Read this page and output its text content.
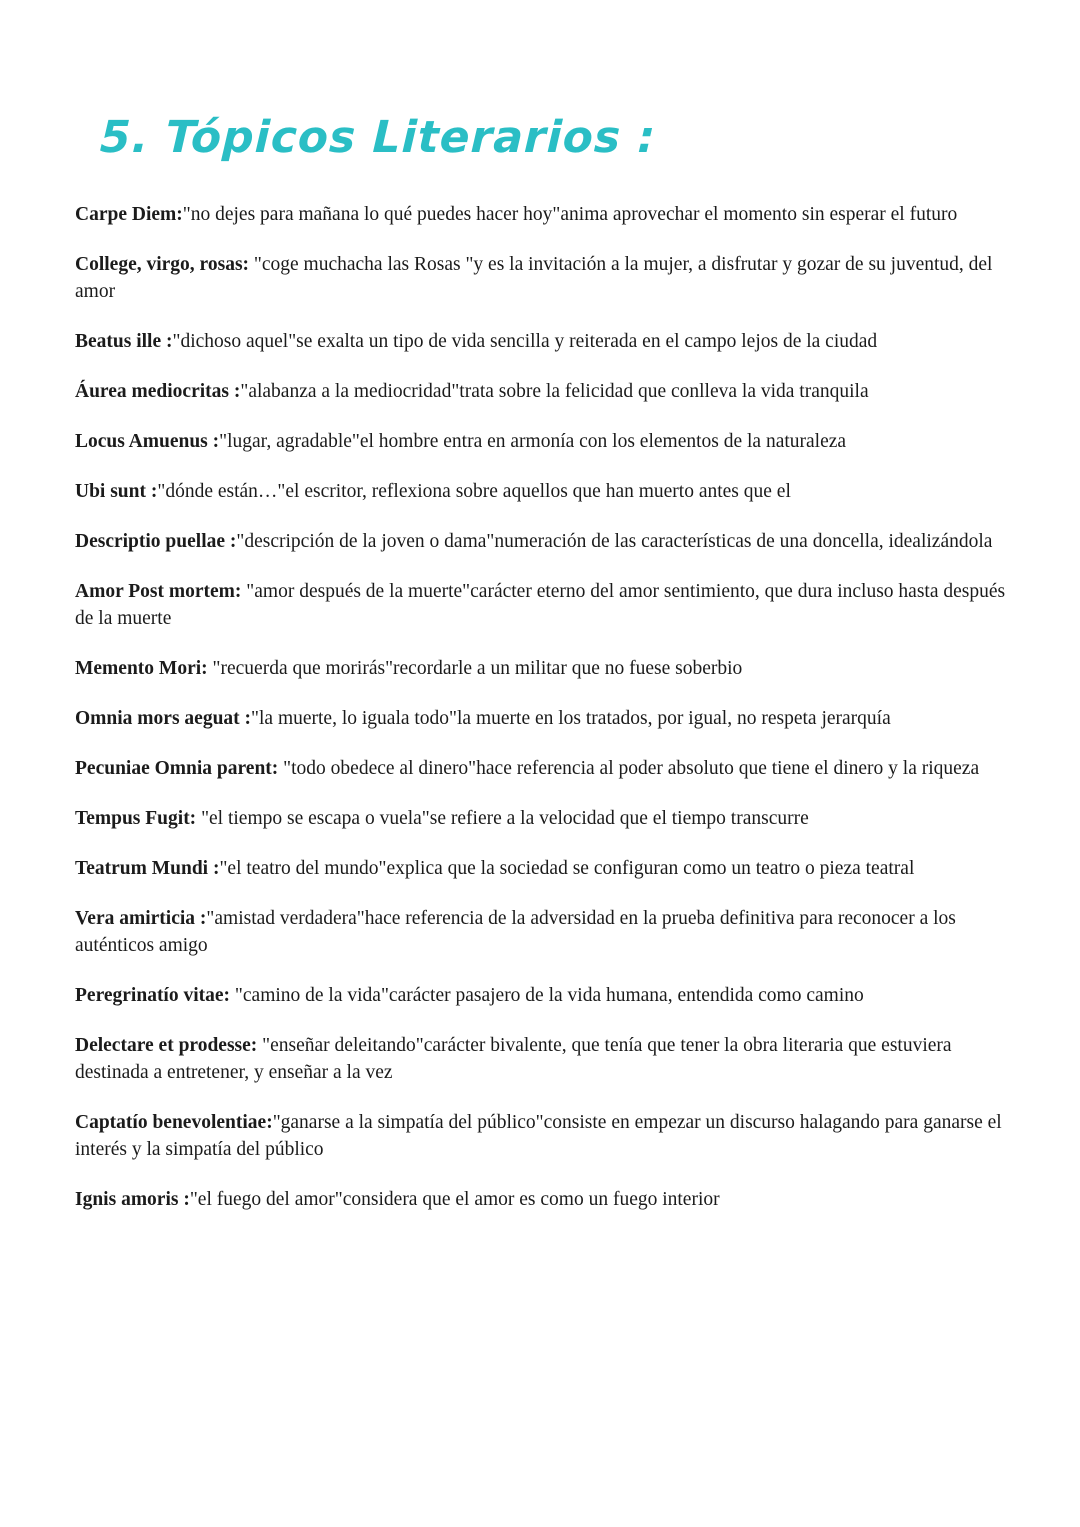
5. Tópicos Literarios :

Carpe Diem:"no dejes para mañana lo qué puedes hacer hoy"anima aprovechar el momento sin esperar el futuro

College, virgo, rosas: "coge muchacha las Rosas "y es la invitación a la mujer, a disfrutar y gozar de su juventud, del amor

Beatus ille :"dichoso aquel"se exalta un tipo de vida sencilla y reiterada en el campo lejos de la ciudad

Áurea mediocritas :"alabanza a la mediocridad"trata sobre la felicidad que conlleva la vida tranquila

Locus Amuenus :"lugar, agradable"el hombre entra en armonía con los elementos de la naturaleza

Ubi sunt :"dónde están…"el escritor, reflexiona sobre aquellos que han muerto antes que el

Descriptio puellae :"descripción de la joven o dama"numeración de las características de una doncella, idealizándola

Amor Post mortem: "amor después de la muerte"carácter eterno del amor sentimiento, que dura incluso hasta después de la muerte

Memento Mori: "recuerda que morirás"recordarle a un militar que no fuese soberbio

Omnia mors aeguat :"la muerte, lo iguala todo"la muerte en los tratados, por igual, no respeta jerarquía

Pecuniae Omnia parent: "todo obedece al dinero"hace referencia al poder absoluto que tiene el dinero y la riqueza

Tempus Fugit: "el tiempo se escapa o vuela"se refiere a la velocidad que el tiempo transcurre

Teatrum Mundi :"el teatro del mundo"explica que la sociedad se configuran como un teatro o pieza teatral

Vera amirticia :"amistad verdadera"hace referencia de la adversidad en la prueba definitiva para reconocer a los auténticos amigo

Peregrinatío vitae: "camino de la vida"carácter pasajero de la vida humana, entendida como camino

Delectare et prodesse: "enseñar deleitando"carácter bivalente, que tenía que tener la obra literaria que estuviera destinada a entretener, y enseñar a la vez

Captatío benevolentiae:"ganarse a la simpatía del público"consiste en empezar un discurso halagando para ganarse el interés y la simpatía del público

Ignis amoris :"el fuego del amor"considera que el amor es como un fuego interior
